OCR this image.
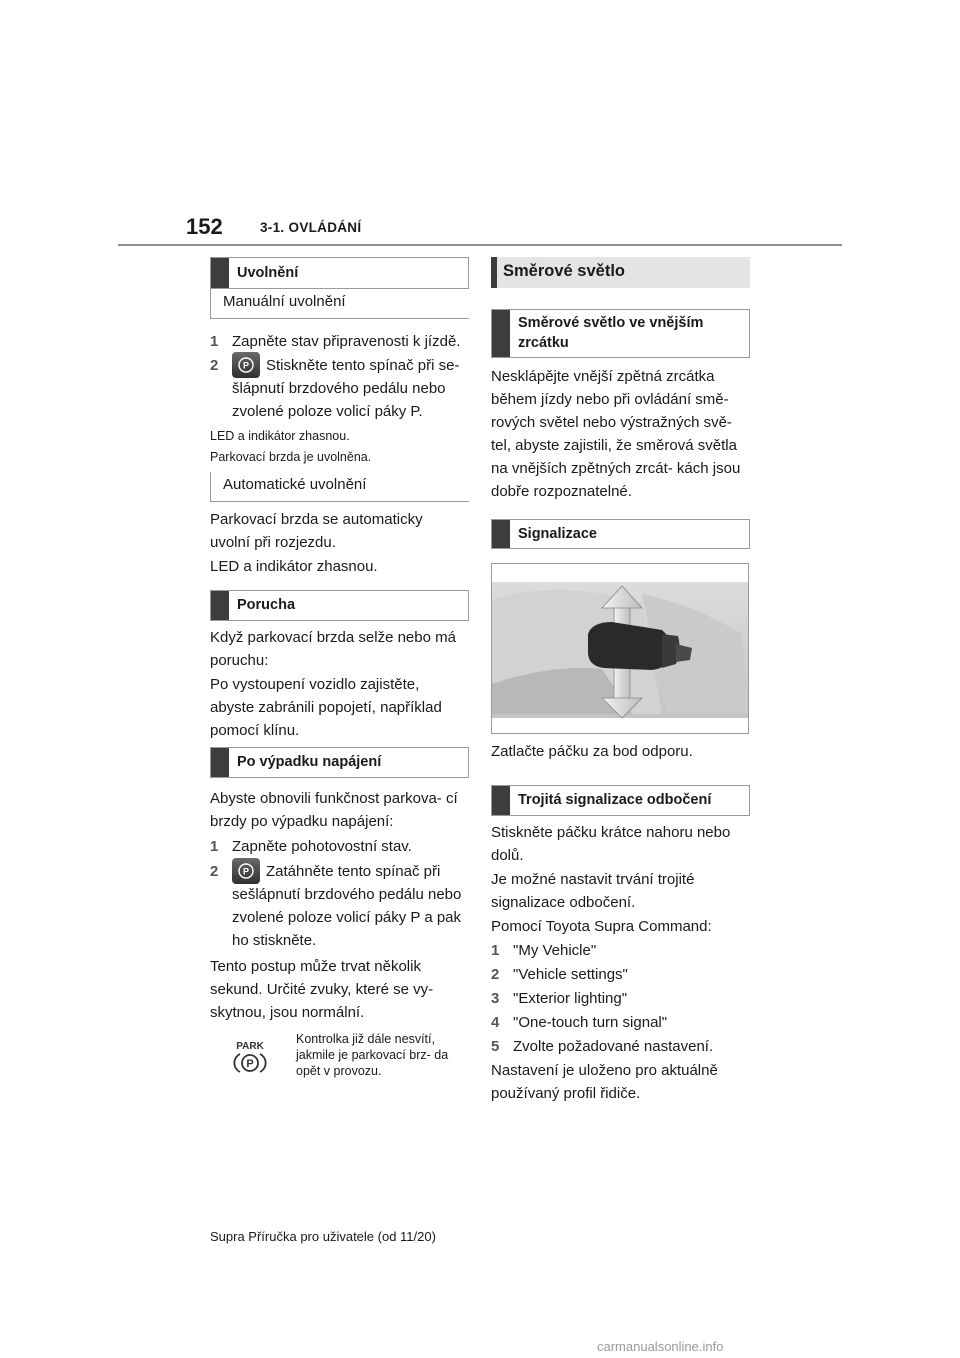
152	3-1. OVLÁDÁNÍ
Uvolnění
Manuální uvolnění
1 Zapněte stav připravenosti k jízdě.
2	P	Stiskněte tento spínač při se- šlápnutí brzdového pedálu nebo zvolené poloze volicí páky P.
LED a indikátor zhasnou.
Parkovací brzda je uvolněna.
Automatické uvolnění
Parkovací brzda se automaticky uvolní při rozjezdu.
LED a indikátor zhasnou.
Porucha
Když parkovací brzda selže nebo má poruchu:
Po vystoupení vozidlo zajistěte, abyste zabránili popojetí, například pomocí klínu.
Po výpadku napájení
Abyste obnovili funkčnost parkova- cí brzdy po výpadku napájení:
1 Zapněte pohotovostní stav.
2	P	Zatáhněte tento spínač při sešlápnutí brzdového pedálu nebo zvolené poloze volicí páky P a pak ho stiskněte.
Tento postup může trvat několik sekund. Určité zvuky, které se vy- skytnou, jsou normální.
PARK
P
Kontrolka již dále nesvítí, jakmile je parkovací brz- da opět v provozu.
Směrové světlo
Směrové světlo ve vnějším zrcátku
Nesklápějte vnější zpětná zrcátka během jízdy nebo při ovládání smě- rových světel nebo výstražných svě- tel, abyste zajistili, že směrová světla na vnějších zpětných zrcát- kách jsou dobře rozpoznatelné.
Signalizace
Zatlačte páčku za bod odporu.
Trojitá signalizace odbočení
Stiskněte páčku krátce nahoru nebo dolů.
Je možné nastavit trvání trojité signalizace odbočení.
Pomocí Toyota Supra Command:
1 "My Vehicle"
2 "Vehicle settings"
3 "Exterior lighting"
4 "One-touch turn signal"
5 Zvolte požadované nastavení.
Nastavení je uloženo pro aktuálně používaný profil řidiče.
Supra Příručka pro uživatele (od 11/20)
carmanualsonline.info
